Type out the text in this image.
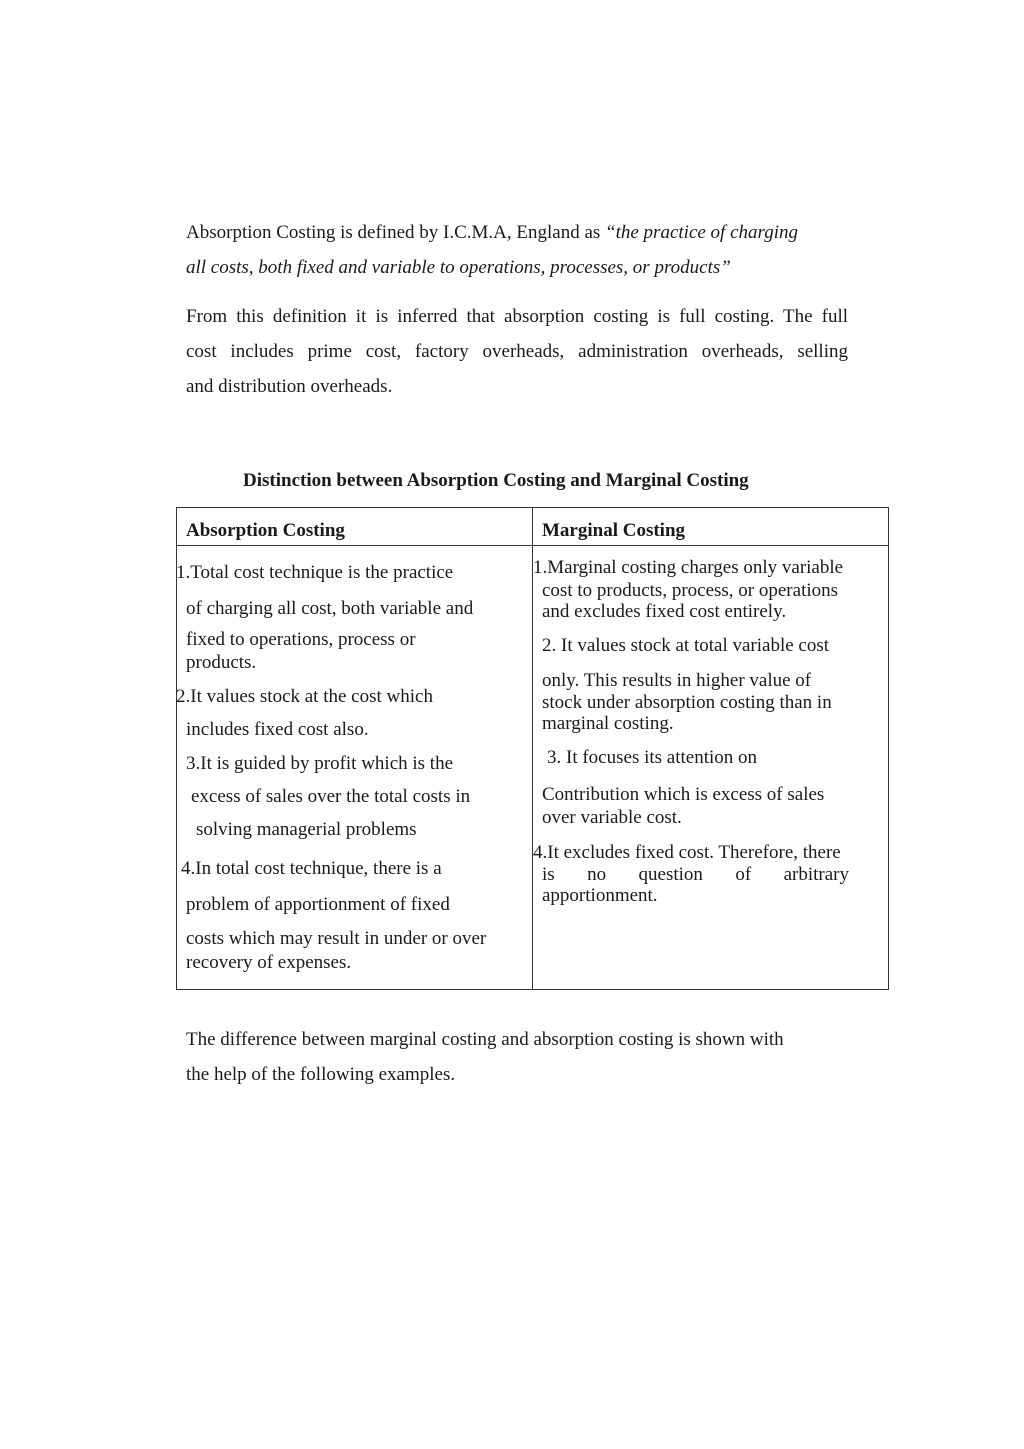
Absorption Costing is defined by I.C.M.A, England as “the practice of charging
all costs, both fixed and variable to operations, processes, or products”
From this definition it is inferred that absorption costing is full costing. The full
cost includes prime cost, factory overheads, administration overheads, selling
and distribution overheads.

Distinction between Absorption Costing and Marginal Costing

Absorption Costing	Marginal Costing

1.Total cost technique is the practice

of charging all cost, both variable and

fixed to operations, process or

products.

2.It values stock at the cost which

includes fixed cost also.

3.It is guided by profit which is the

excess of sales over the total costs in

solving managerial problems

4.In total cost technique, there is a

problem of apportionment of fixed

costs which may result in under or over

recovery of expenses.

1.Marginal costing charges only variable

cost to products, process, or operations

and excludes fixed cost entirely.

2. It values stock at total variable cost

only. This results in higher value of

stock under absorption costing than in

marginal costing.

3. It focuses its attention on

Contribution which is excess of sales

over variable cost.

4.It excludes fixed cost. Therefore, there

is no question of arbitrary

apportionment.

The difference between marginal costing and absorption costing is shown with
the help of the following examples.
